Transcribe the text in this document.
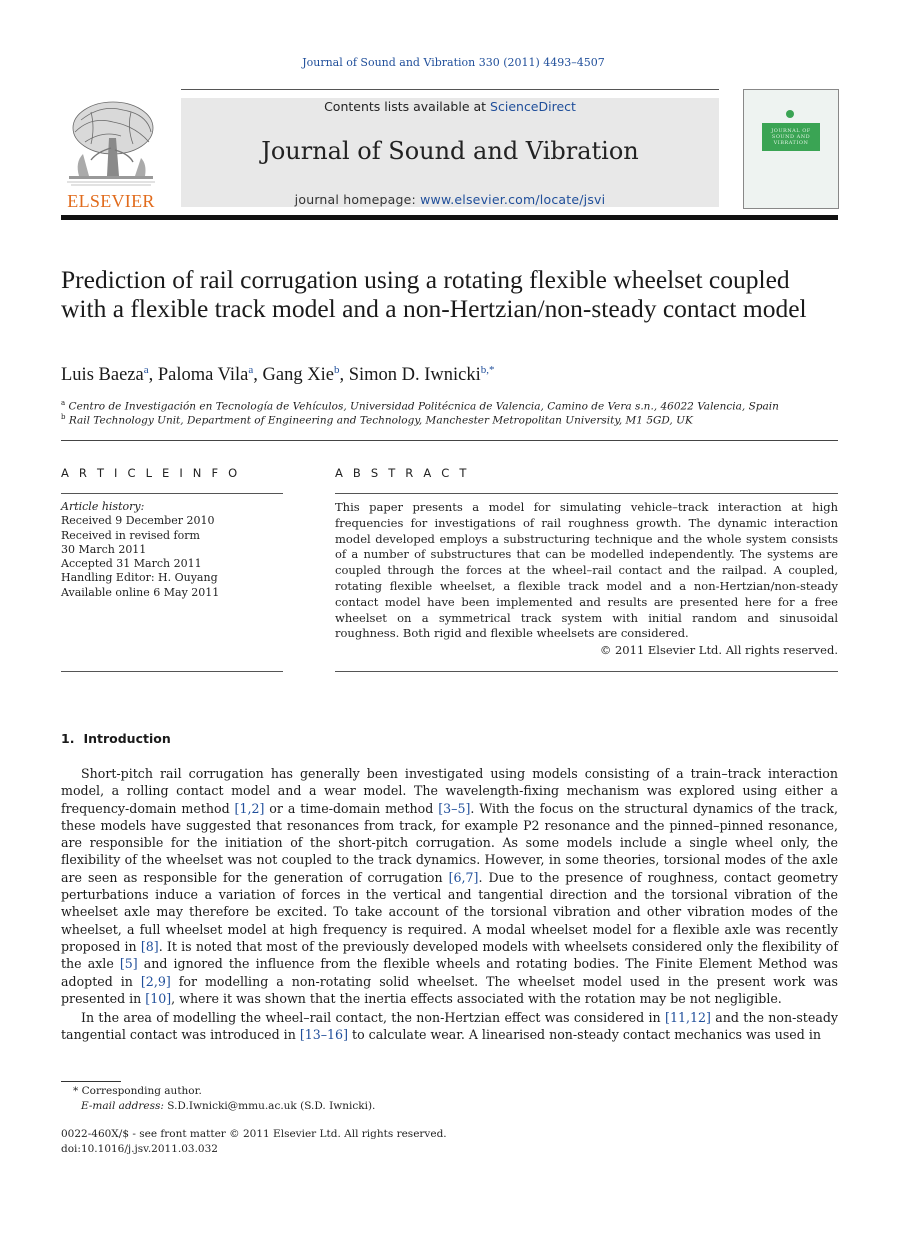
Journal of Sound and Vibration 330 (2011) 4493–4507
ELSEVIER
Contents lists available at ScienceDirect
Journal of Sound and Vibration
journal homepage: www.elsevier.com/locate/jsvi
JOURNAL OF SOUND AND VIBRATION
Prediction of rail corrugation using a rotating flexible wheelset coupled with a flexible track model and a non-Hertzian/non-steady contact model
Luis Baeza$^a$, Paloma Vila$^a$, Gang Xie$^b$, Simon D. Iwnicki$^{b,*}$
$^a$ Centro de Investigación en Tecnología de Vehículos, Universidad Politécnica de Valencia, Camino de Vera s.n., 46022 Valencia, Spain
$^b$ Rail Technology Unit, Department of Engineering and Technology, Manchester Metropolitan University, M1 5GD, UK
A R T I C L E I N F O	A B S T R A C T
Article history:
Received 9 December 2010
Received in revised form
30 March 2011
Accepted 31 March 2011
Handling Editor: H. Ouyang
Available online 6 May 2011
This paper presents a model for simulating vehicle–track interaction at high frequencies for investigations of rail roughness growth. The dynamic interaction model developed employs a substructuring technique and the whole system consists of a number of substructures that can be modelled independently. The systems are coupled through the forces at the wheel–rail contact and the railpad. A coupled, rotating flexible wheelset, a flexible track model and a non-Hertzian/non-steady contact model have been implemented and results are presented here for a free wheelset on a symmetrical track system with initial random and sinusoidal roughness. Both rigid and flexible wheelsets are considered.
© 2011 Elsevier Ltd. All rights reserved.
1. Introduction
Short-pitch rail corrugation has generally been investigated using models consisting of a train–track interaction model, a rolling contact model and a wear model. The wavelength-fixing mechanism was explored using either a frequency-domain method [1,2] or a time-domain method [3–5]. With the focus on the structural dynamics of the track, these models have suggested that resonances from track, for example P2 resonance and the pinned–pinned resonance, are responsible for the initiation of the short-pitch corrugation. As some models include a single wheel only, the flexibility of the wheelset was not coupled to the track dynamics. However, in some theories, torsional modes of the axle are seen as responsible for the generation of corrugation [6,7]. Due to the presence of roughness, contact geometry perturbations induce a variation of forces in the vertical and tangential direction and the torsional vibration of the wheelset axle may therefore be excited. To take account of the torsional vibration and other vibration modes of the wheelset, a full wheelset model at high frequency is required. A modal wheelset model for a flexible axle was recently proposed in [8]. It is noted that most of the previously developed models with wheelsets considered only the flexibility of the axle [5] and ignored the influence from the flexible wheels and rotating bodies. The Finite Element Method was adopted in [2,9] for modelling a non-rotating solid wheelset. The wheelset model used in the present work was presented in [10], where it was shown that the inertia effects associated with the rotation may be not negligible.
In the area of modelling the wheel–rail contact, the non-Hertzian effect was considered in [11,12] and the non-steady tangential contact was introduced in [13–16] to calculate wear. A linearised non-steady contact mechanics was used in
* Corresponding author.
E-mail address: S.D.Iwnicki@mmu.ac.uk (S.D. Iwnicki).
0022-460X/$ - see front matter © 2011 Elsevier Ltd. All rights reserved.
doi:10.1016/j.jsv.2011.03.032
